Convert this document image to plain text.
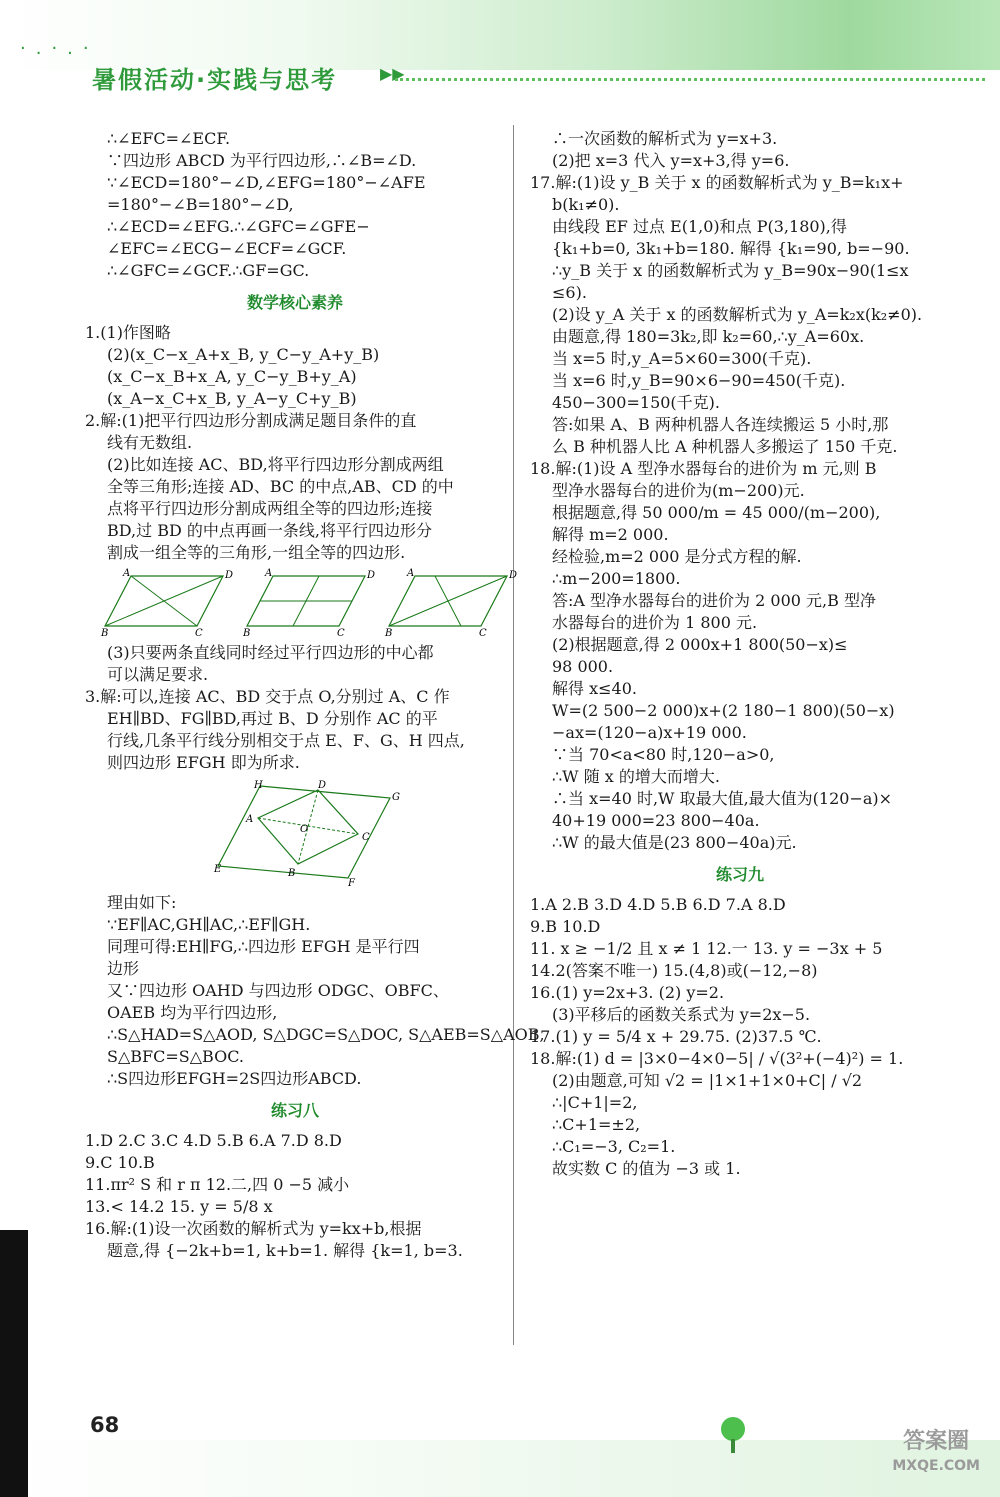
·.·.·
暑假活动·实践与思考	▶▶
∴∠EFC=∠ECF.
∵四边形 ABCD 为平行四边形,∴∠B=∠D.
∵∠ECD=180°−∠D,∠EFG=180°−∠AFE
=180°−∠B=180°−∠D,
∴∠ECD=∠EFG.∴∠GFC=∠GFE−
∠EFC=∠ECG−∠ECF=∠GCF.
∴∠GFC=∠GCF.∴GF=GC.
数学核心素养
1.(1)作图略
(2)(x_C−x_A+x_B, y_C−y_A+y_B)
(x_C−x_B+x_A, y_C−y_B+y_A)
(x_A−x_C+x_B, y_A−y_C+y_B)
2.解:(1)把平行四边形分割成满足题目条件的直
线有无数组.
(2)比如连接 AC、BD,将平行四边形分割成两组
全等三角形;连接 AD、BC 的中点,AB、CD 的中
点将平行四边形分割成两组全等的四边形;连接
BD,过 BD 的中点再画一条线,将平行四边形分
割成一组全等的三角形,一组全等的四边形.
A	D
B	C
A	D
B	C
A	D
B	C
(3)只要两条直线同时经过平行四边形的中心都
可以满足要求.
3.解:可以,连接 AC、BD 交于点 O,分别过 A、C 作
EH∥BD、FG∥BD,再过 B、D 分别作 AC 的平
行线,几条平行线分别相交于点 E、F、G、H 四点,
则四边形 EFGH 即为所求.
H	D
G
A
O
C
E	B
F
理由如下:
∵EF∥AC,GH∥AC,∴EF∥GH.
同理可得:EH∥FG,∴四边形 EFGH 是平行四
边形
又∵四边形 OAHD 与四边形 ODGC、OBFC、
OAEB 均为平行四边形,
∴S△HAD=S△AOD, S△DGC=S△DOC, S△AEB=S△AOB,
S△BFC=S△BOC.
∴S四边形EFGH=2S四边形ABCD.
练习八
1.D 2.C 3.C 4.D 5.B 6.A 7.D 8.D
9.C 10.B
11.πr² S 和 r π 12.二,四 0 −5 减小
13.< 14.2 15. y = 5/8 x
16.解:(1)设一次函数的解析式为 y=kx+b,根据
题意,得 {−2k+b=1, k+b=1. 解得 {k=1, b=3.
∴一次函数的解析式为 y=x+3.
(2)把 x=3 代入 y=x+3,得 y=6.
17.解:(1)设 y_B 关于 x 的函数解析式为 y_B=k₁x+
b(k₁≠0).
由线段 EF 过点 E(1,0)和点 P(3,180),得
{k₁+b=0, 3k₁+b=180. 解得 {k₁=90, b=−90.
∴y_B 关于 x 的函数解析式为 y_B=90x−90(1≤x
≤6).
(2)设 y_A 关于 x 的函数解析式为 y_A=k₂x(k₂≠0).
由题意,得 180=3k₂,即 k₂=60,∴y_A=60x.
当 x=5 时,y_A=5×60=300(千克).
当 x=6 时,y_B=90×6−90=450(千克).
450−300=150(千克).
答:如果 A、B 两种机器人各连续搬运 5 小时,那
么 B 种机器人比 A 种机器人多搬运了 150 千克.
18.解:(1)设 A 型净水器每台的进价为 m 元,则 B
型净水器每台的进价为(m−200)元.
根据题意,得 50 000/m = 45 000/(m−200),
解得 m=2 000.
经检验,m=2 000 是分式方程的解.
∴m−200=1800.
答:A 型净水器每台的进价为 2 000 元,B 型净
水器每台的进价为 1 800 元.
(2)根据题意,得 2 000x+1 800(50−x)≤
98 000.
解得 x≤40.
W=(2 500−2 000)x+(2 180−1 800)(50−x)
−ax=(120−a)x+19 000.
∵当 70<a<80 时,120−a>0,
∴W 随 x 的增大而增大.
∴当 x=40 时,W 取最大值,最大值为(120−a)×
40+19 000=23 800−40a.
∴W 的最大值是(23 800−40a)元.
练习九
1.A 2.B 3.D 4.D 5.B 6.D 7.A 8.D
9.B 10.D
11. x ≥ −1/2 且 x ≠ 1 12.一 13. y = −3x + 5
14.2(答案不唯一) 15.(4,8)或(−12,−8)
16.(1) y=2x+3. (2) y=2.
(3)平移后的函数关系式为 y=2x−5.
17.(1) y = 5/4 x + 29.75. (2)37.5 ℃.
18.解:(1) d = |3×0−4×0−5| / √(3²+(−4)²) = 1.
(2)由题意,可知 √2 = |1×1+1×0+C| / √2
∴|C+1|=2,
∴C+1=±2,
∴C₁=−3, C₂=1.
故实数 C 的值为 −3 或 1.
68
答案圈
MXQE.COM
